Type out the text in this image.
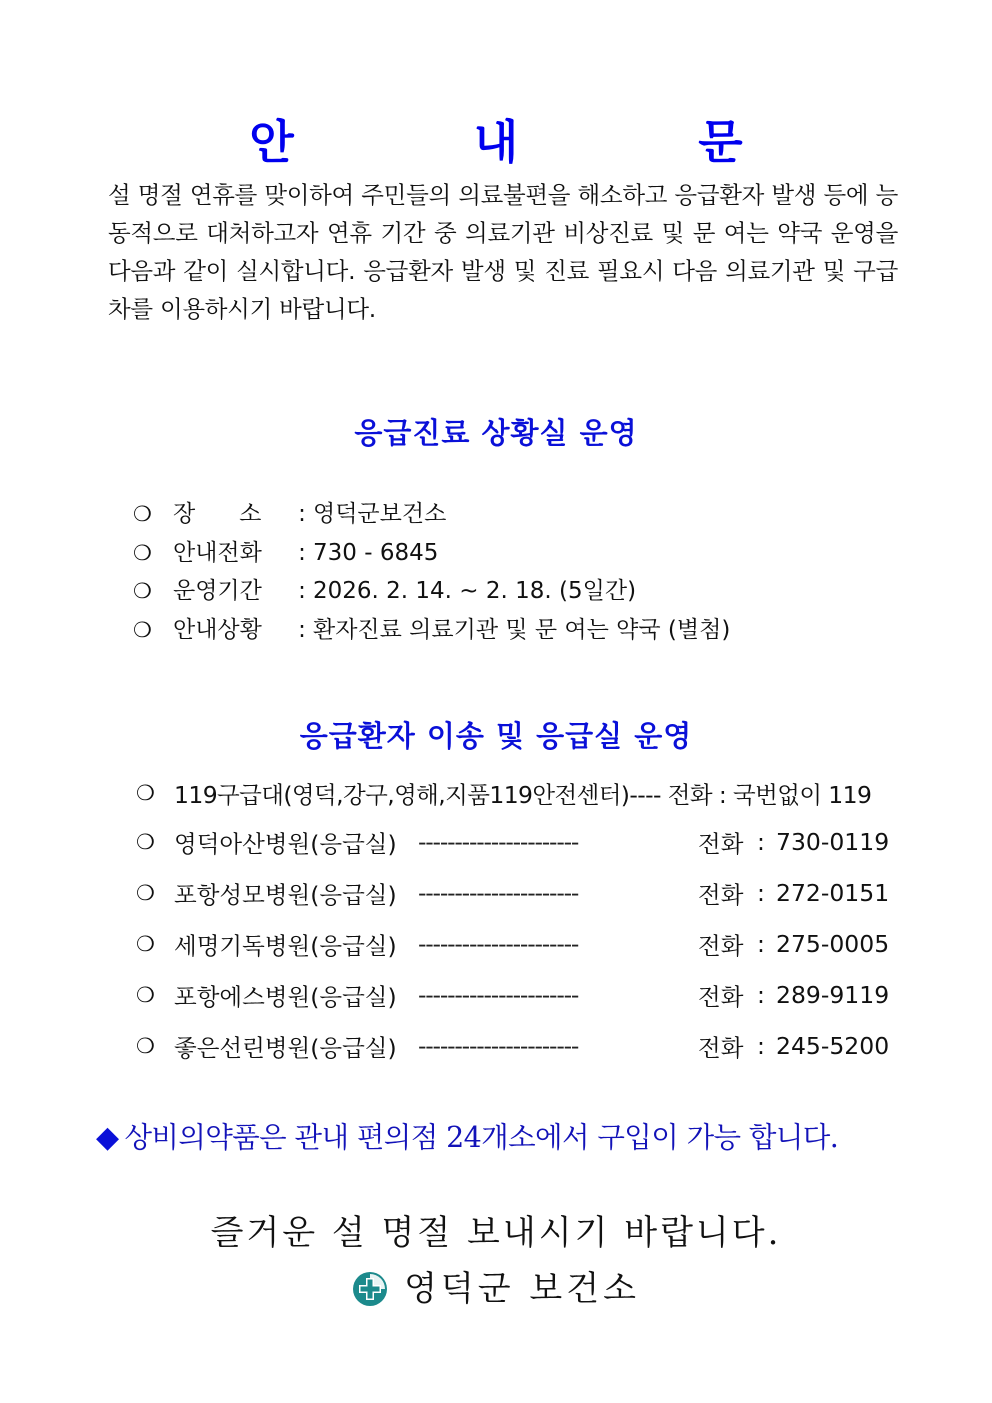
안 내 문
설 명절 연휴를 맞이하여 주민들의 의료불편을 해소하고 응급환자 발생 등에 능동적으로 대처하고자 연휴 기간 중 의료기관 비상진료 및 문 여는 약국 운영을 다음과 같이 실시합니다. 응급환자 발생 및 진료 필요시 다음 의료기관 및 구급차를 이용하시기 바랍니다.
응급진료 상황실 운영
❍ 장      소	: 영덕군보건소
❍ 안내전화	: 730 - 6845
❍ 운영기간	: 2026. 2. 14. ~ 2. 18. (5일간)
❍ 안내상황	: 환자진료 의료기관 및 문 여는 약국 (별첨)
응급환자 이송 및 응급실 운영
❍ 119구급대(영덕,강구,영해,지품119안전센터)---- 전화 : 국번없이 119
❍ 영덕아산병원(응급실) ----------------------	전화 : 730-0119
❍ 포항성모병원(응급실) ----------------------	전화 : 272-0151
❍ 세명기독병원(응급실) ----------------------	전화 : 275-0005
❍ 포항에스병원(응급실) ----------------------	전화 : 289-9119
❍ 좋은선린병원(응급실) ----------------------	전화 : 245-5200
◆ 상비의약품은 관내 편의점 24개소에서 구입이 가능 합니다.
즐거운 설 명절 보내시기 바랍니다.
영덕군 보건소
